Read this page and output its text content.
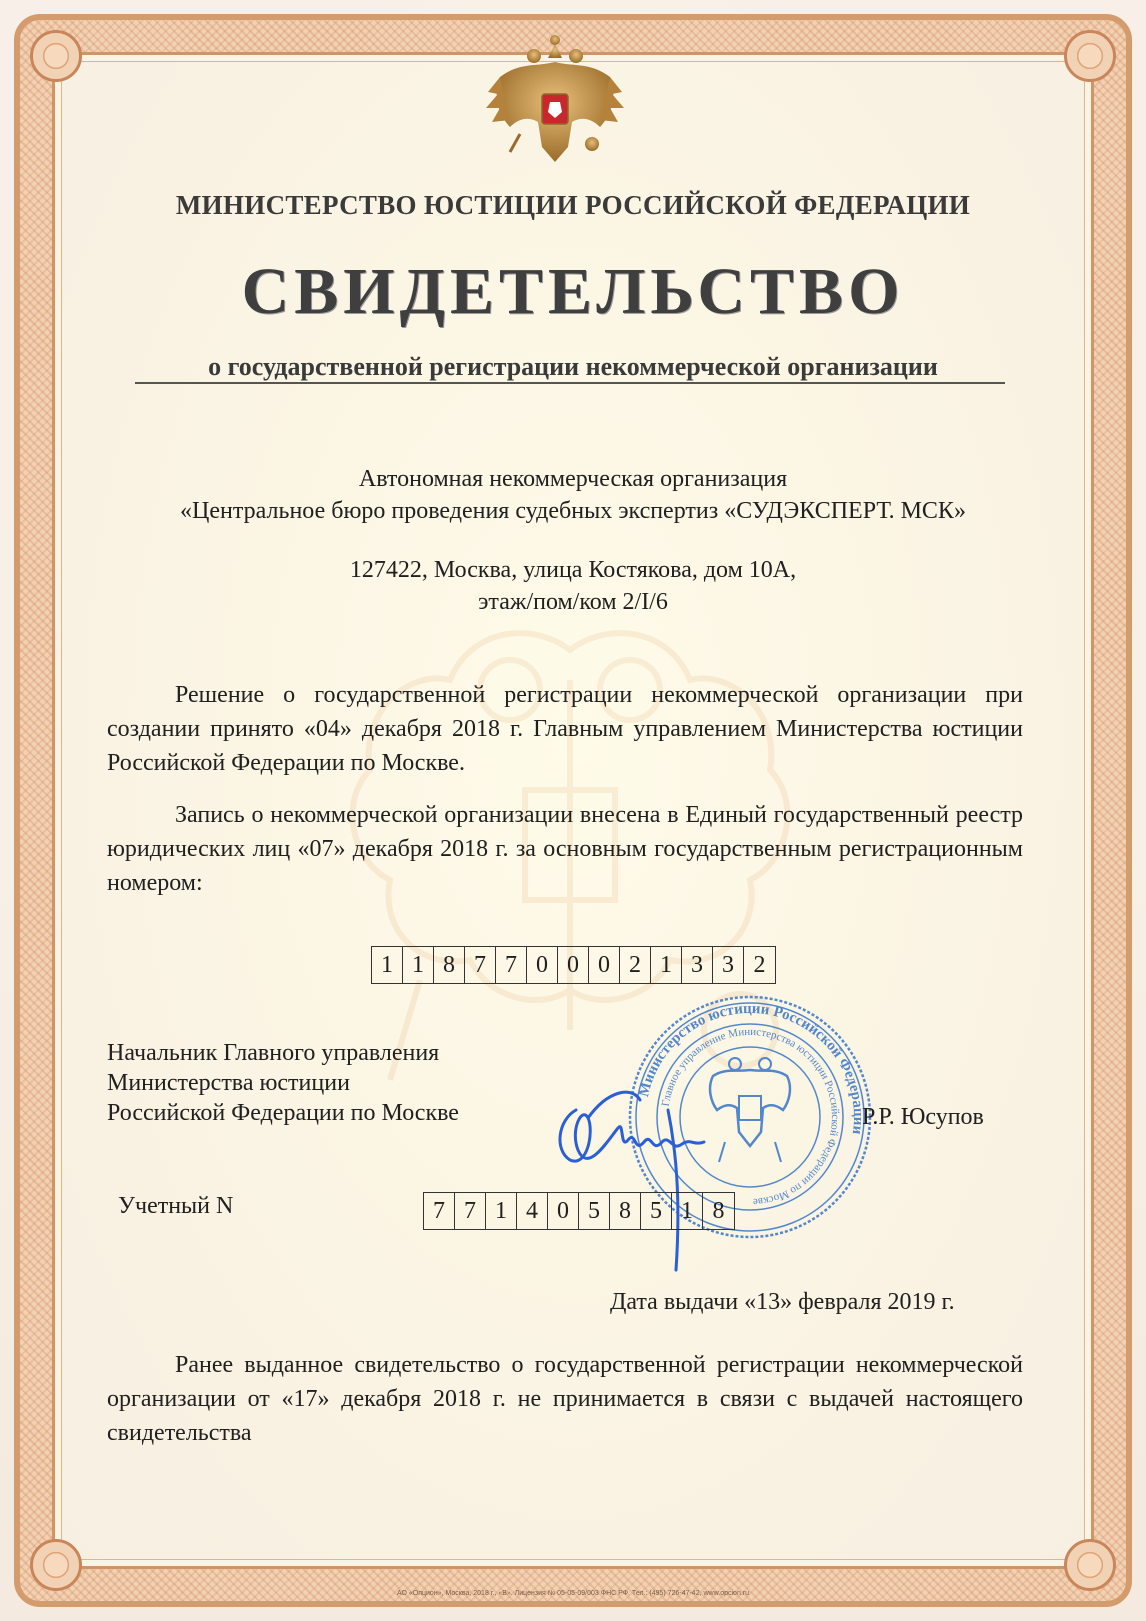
МИНИСТЕРСТВО ЮСТИЦИИ РОССИЙСКОЙ ФЕДЕРАЦИИ
СВИДЕТЕЛЬСТВО
о государственной регистрации некоммерческой организации
Автономная некоммерческая организация
«Центральное бюро проведения судебных экспертиз «СУДЭКСПЕРТ. МСК»
127422, Москва, улица Костякова, дом 10А,
этаж/пом/ком 2/I/6
Решение о государственной регистрации некоммерческой организации при создании принято «04» декабря 2018 г. Главным управлением Министерства юстиции Российской Федерации по Москве.
Запись о некоммерческой организации внесена в Единый государственный реестр юридических лиц «07» декабря 2018 г. за основным государственным регистрационным номером:
1 1 8 7 7 0 0 0 2 1 3 3 2
Начальник Главного управления
Министерства юстиции
Российской Федерации по Москве
Министерство юстиции Российской Федерации
Главное управление Министерства юстиции Российской Федерации по Москве
Р.Р. Юсупов
Учетный N	7 7 1 4 0 5 8 5 1 8
Дата выдачи «13» февраля 2019 г.
Ранее выданное свидетельство о государственной регистрации некоммерческой организации от «17» декабря 2018 г. не принимается в связи с выдачей настоящего свидетельства
АО «Опцион», Москва, 2018 г., «В». Лицензия № 05-05-09/003 ФНС РФ. Тел.: (495) 726-47-42, www.opcion.ru
